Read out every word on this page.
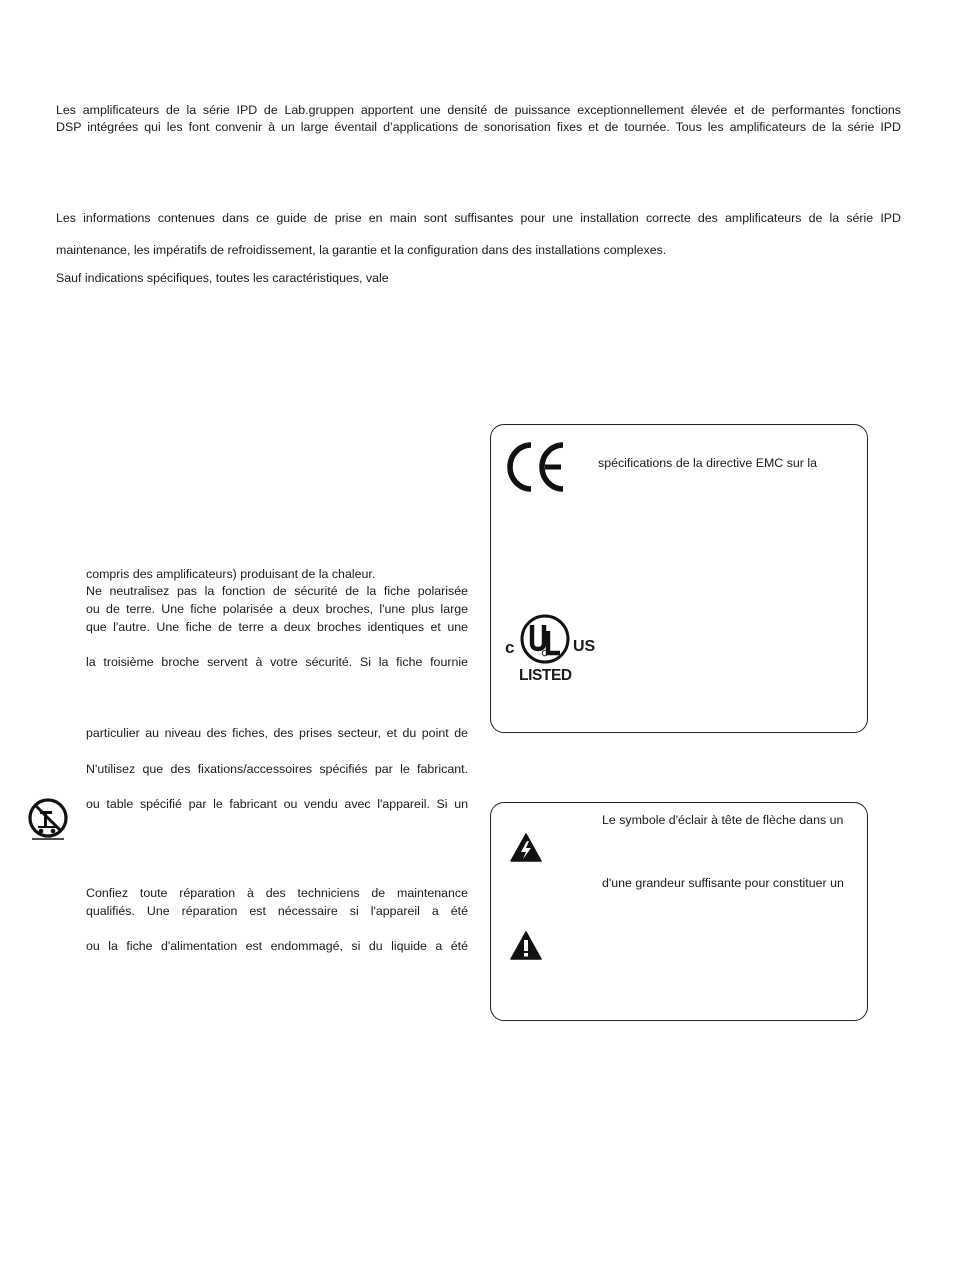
Les amplificateurs de la série IPD de Lab.gruppen apportent une densité de puissance exceptionnellement élevée et de performantes fonctions
DSP intégrées qui les font convenir à un large éventail d’applications de sonorisation fixes et de tournée. Tous les amplificateurs de la série IPD
Les informations contenues dans ce guide de prise en main sont suffisantes pour une installation correcte des amplificateurs de la série IPD
maintenance, les impératifs de refroidissement, la garantie et la configuration dans des installations complexes.
Sauf indications spécifiques, toutes les caractéristiques, vale
compris des amplificateurs) produisant de la chaleur.
Ne neutralisez pas la fonction de sécurité de la fiche polarisée
ou de terre. Une fiche polarisée a deux broches, l'une plus large
que l'autre. Une fiche de terre a deux broches identiques et une
la troisième broche servent à votre sécurité. Si la fiche fournie
particulier au niveau des fiches, des prises secteur, et du point de
N'utilisez que des fixations/accessoires spécifiés par le fabricant.
ou table spécifié par le fabricant ou vendu avec l'appareil. Si un
Confiez toute réparation à des techniciens de maintenance
qualifiés. Une réparation est nécessaire si l'appareil a été
ou la fiche d'alimentation est endommagé, si du liquide a été
spécifications de la directive EMC sur la
c	US
LISTED
Le symbole d'éclair à tête de flèche dans un
d'une grandeur suffisante pour constituer un
